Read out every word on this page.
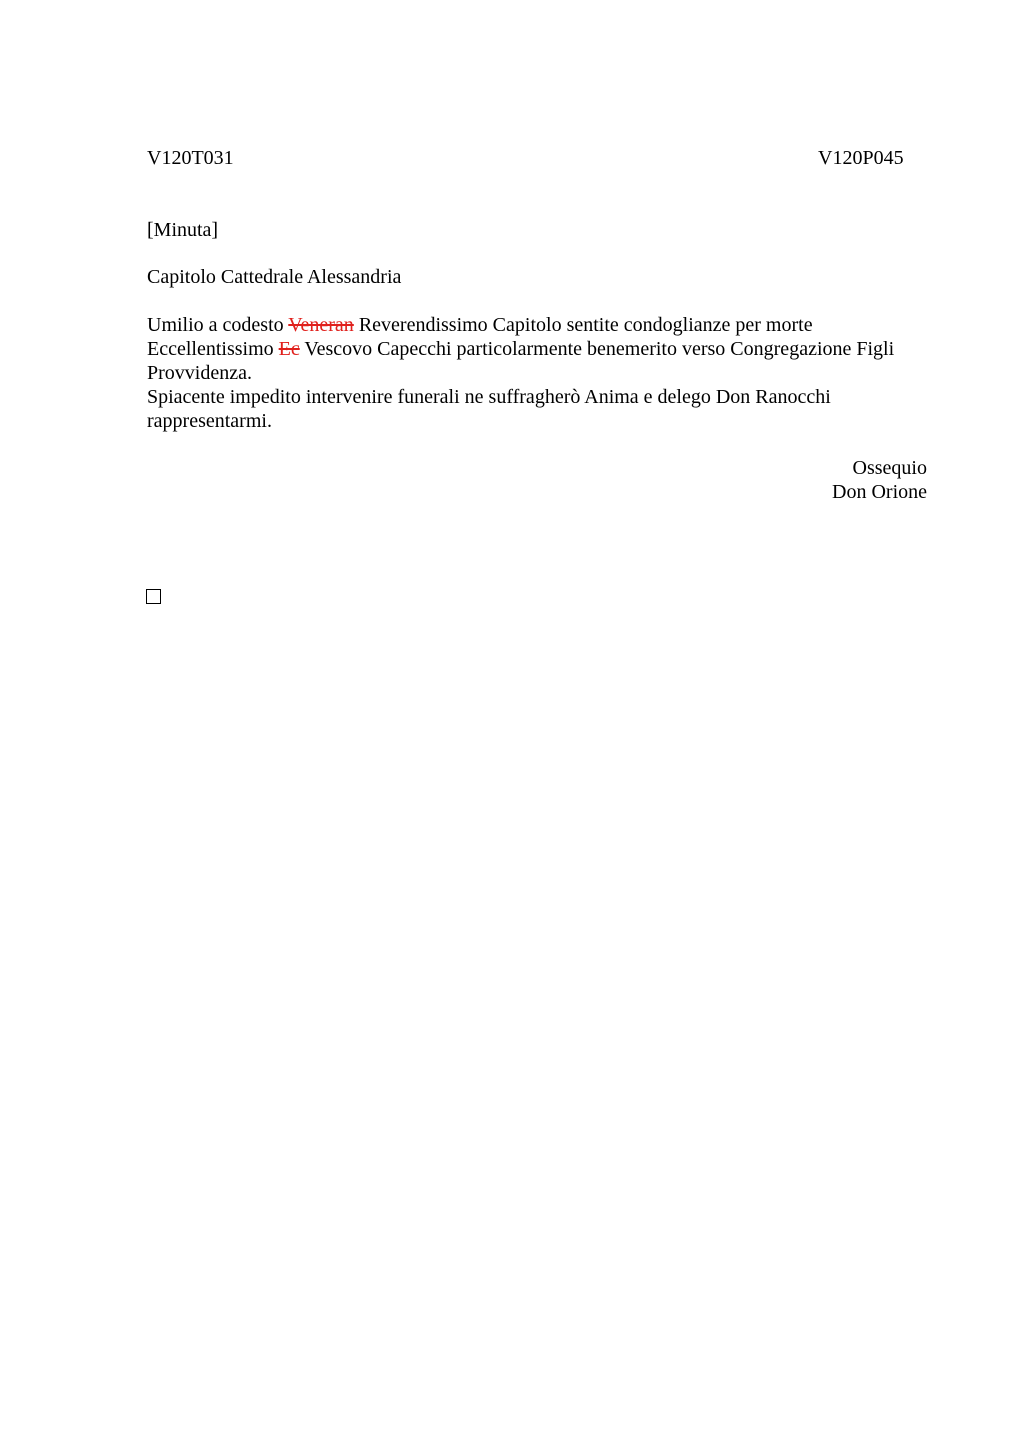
V120T031	V120P045
[Minuta]
Capitolo Cattedrale Alessandria

Umilio a codesto Veneran Reverendissimo Capitolo sentite condoglianze per morte Eccellentissimo Ec Vescovo Capecchi particolarmente benemerito verso Congregazione Figli Provvidenza.

Spiacente impedito intervenire funerali ne suffragherò Anima e delego Don Ranocchi rappresentarmi.

Ossequio
Don Orione
